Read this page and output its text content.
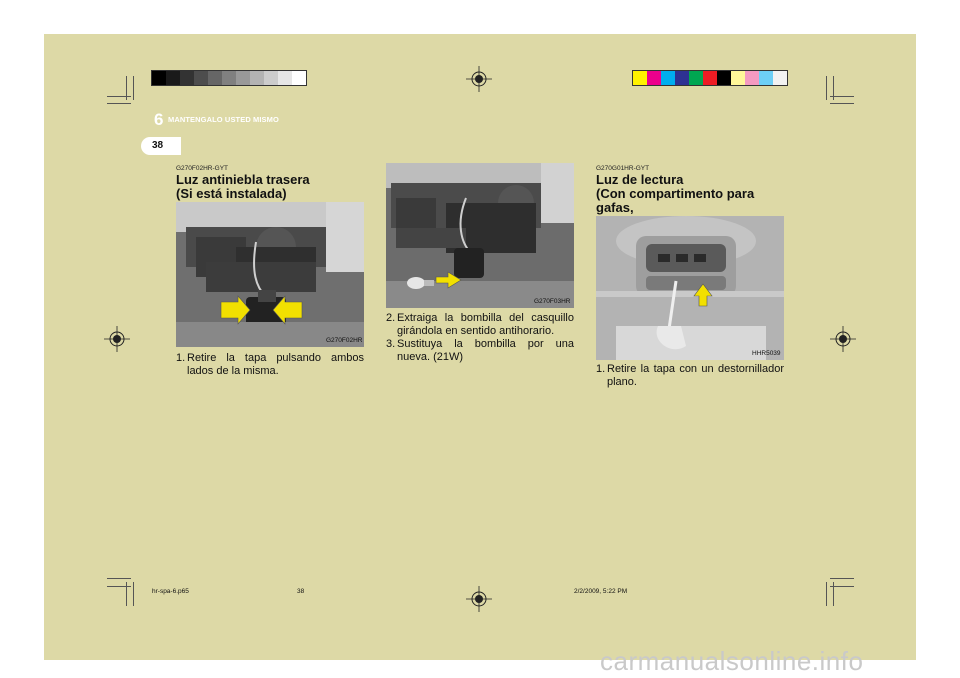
6 MANTENGALO USTED MISMO
38
G270F02HR-GYT
Luz antiniebla trasera
(Si está instalada)
G270F02HR
1. Retire la tapa pulsando ambos lados de la misma.
G270F03HR
2. Extraiga la bombilla del casquillo girándola en sentido antihorario.
3. Sustituya la bombilla por una nueva. (21W)
G270G01HR-GYT
Luz de lectura
(Con compartimento para gafas,
HHR5039
1. Retire la tapa con un destornillador plano.
hr-spa-6.p65	38	2/2/2009, 5:22 PM
carmanualsonline.info
